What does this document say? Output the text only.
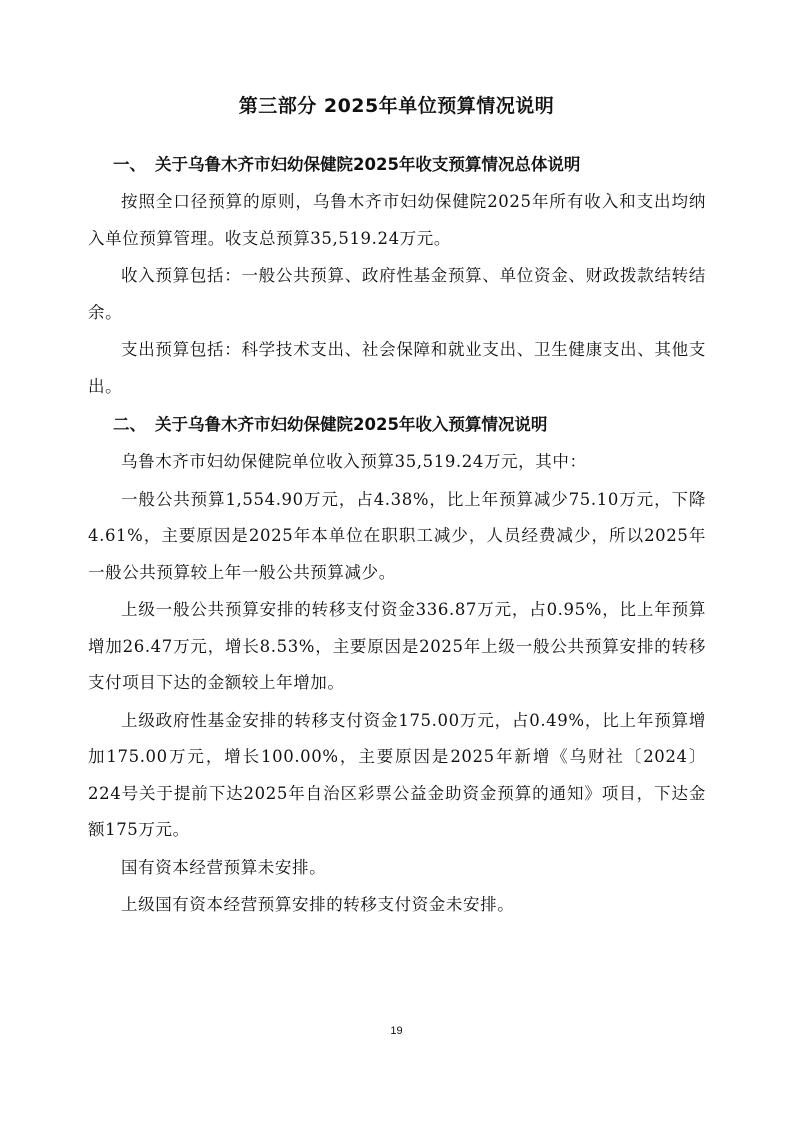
第三部分 2025年单位预算情况说明
一、 关于乌鲁木齐市妇幼保健院2025年收支预算情况总体说明

按照全口径预算的原则，乌鲁木齐市妇幼保健院2025年所有收入和支出均纳入单位预算管理。收支总预算35,519.24万元。

收入预算包括：一般公共预算、政府性基金预算、单位资金、财政拨款结转结余。

支出预算包括：科学技术支出、社会保障和就业支出、卫生健康支出、其他支出。

二、 关于乌鲁木齐市妇幼保健院2025年收入预算情况说明

乌鲁木齐市妇幼保健院单位收入预算35,519.24万元，其中：

一般公共预算1,554.90万元，占4.38%，比上年预算减少75.10万元，下降4.61%，主要原因是2025年本单位在职职工减少，人员经费减少，所以2025年一般公共预算较上年一般公共预算减少。

上级一般公共预算安排的转移支付资金336.87万元，占0.95%，比上年预算增加26.47万元，增长8.53%，主要原因是2025年上级一般公共预算安排的转移支付项目下达的金额较上年增加。

上级政府性基金安排的转移支付资金175.00万元，占0.49%，比上年预算增加175.00万元，增长100.00%，主要原因是2025年新增《乌财社〔2024〕224号关于提前下达2025年自治区彩票公益金助资金预算的通知》项目，下达金额175万元。

国有资本经营预算未安排。

上级国有资本经营预算安排的转移支付资金未安排。

19
